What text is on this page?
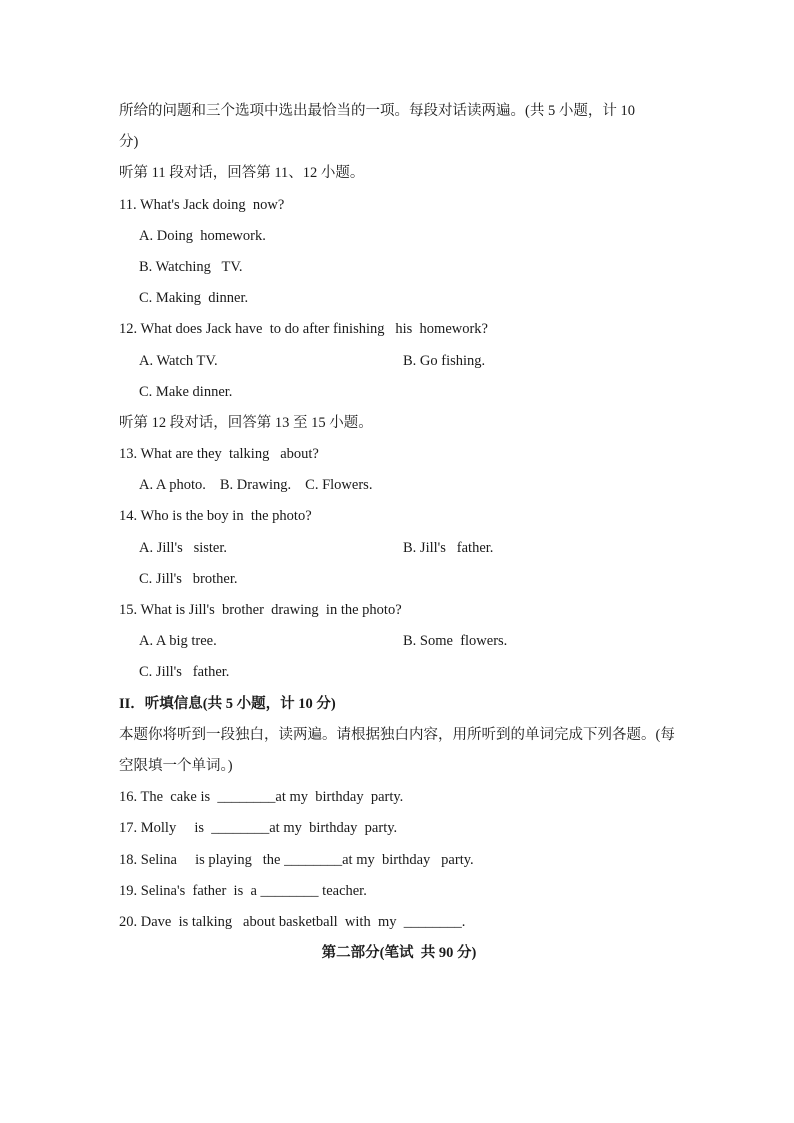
所给的问题和三个选项中选出最恰当的一项。每段对话读两遍。(共 5 小题，计 10
分)
听第 11 段对话，回答第 11、12 小题。
11. What's Jack doing  now?
A. Doing  homework.
B. Watching   TV.
C. Making  dinner.
12. What does Jack have  to do after finishing   his  homework?
A. Watch TV.	B. Go fishing.
C. Make dinner.
听第 12 段对话，回答第 13 至 15 小题。
13. What are they  talking   about?
A. A photo. B. Drawing. C. Flowers.
14. Who is the boy in  the photo?
A. Jill's   sister.	B. Jill's   father.
C. Jill's   brother.
15. What is Jill's  brother  drawing  in the photo?
A. A big tree.	B. Some  flowers.
C. Jill's   father.
II．听填信息(共 5 小题，计 10 分)
本题你将听到一段独白，读两遍。请根据独白内容，用所听到的单词完成下列各题。(每空限填一个单词。)
16. The  cake is  ________at my  birthday  party.
17. Molly     is  ________at my  birthday  party.
18. Selina     is playing   the ________at my  birthday   party.
19. Selina's  father  is  a ________ teacher.
20. Dave  is talking   about basketball  with  my  ________.
第二部分(笔试  共 90 分)
